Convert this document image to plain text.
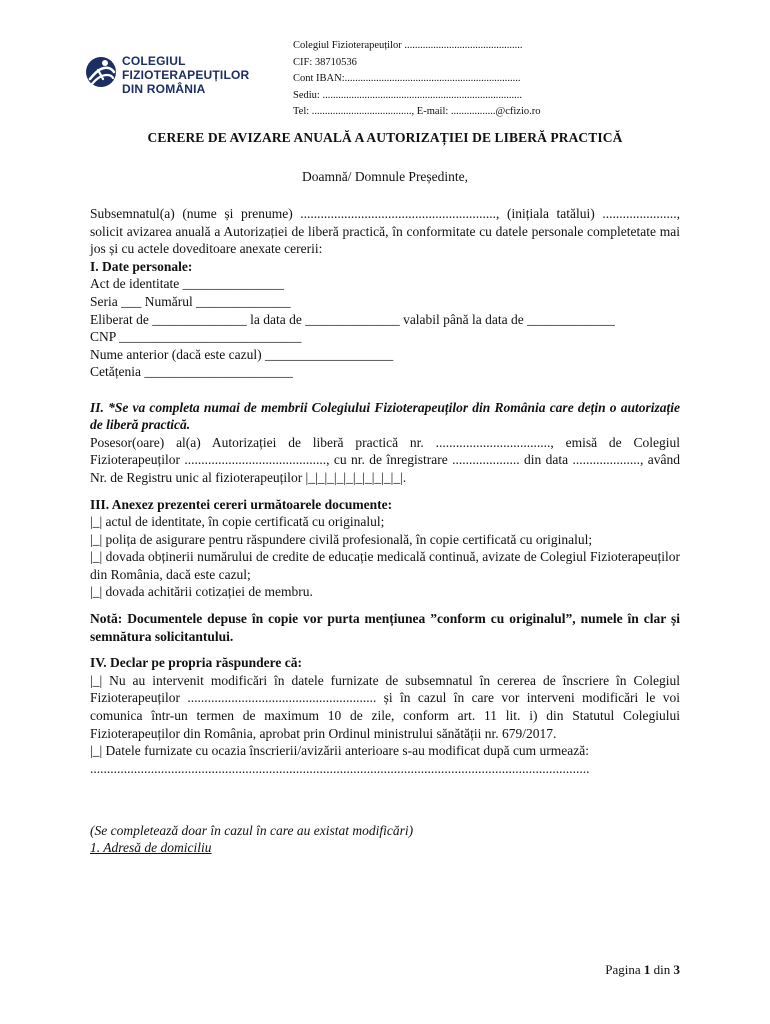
COLEGIUL
FIZIOTERAPEUȚILOR
DIN ROMÂNIA
Colegiul Fizioterapeuților .............................................
CIF: 38710536
Cont IBAN:...................................................................
Sediu: ............................................................................
Tel: ......................................, E-mail: .................@cfizio.ro
CERERE DE AVIZARE ANUALĂ A AUTORIZAȚIEI DE LIBERĂ PRACTICĂ
Doamnă/ Domnule Președinte,

Subsemnatul(a) (nume și prenume) .........................................................., (inițiala tatălui) ......................, solicit avizarea anuală a Autorizației de liberă practică, în conformitate cu datele personale completetate mai jos și cu actele doveditoare anexate cererii:

I. Date personale:

Act de identitate _______________

Seria ___ Numărul ______________

Eliberat de ______________ la data de ______________ valabil până la data de _____________

CNP ___________________________

Nume anterior (dacă este cazul) ___________________

Cetățenia ______________________

II. *Se va completa numai de membrii Colegiului Fizioterapeuților din România care dețin o autorizație de liberă practică.

Posesor(oare) al(a) Autorizației de liberă practică nr. .................................., emisă de Colegiul Fizioterapeuților .........................................., cu nr. de înregistrare .................... din data ...................., având Nr. de Registru unic al fizioterapeuților |_|_|_|_|_|_|_|_|_|_|.

III. Anexez prezentei cereri următoarele documente:

|_| actul de identitate, în copie certificată cu originalul;

|_| polița de asigurare pentru răspundere civilă profesională, în copie certificată cu originalul;

|_| dovada obținerii numărului de credite de educație medicală continuă, avizate de Colegiul Fizioterapeuților din România, dacă este cazul;

|_| dovada achitării cotizației de membru.

Notă: Documentele depuse în copie vor purta mențiunea ”conform cu originalul”, numele în clar și semnătura solicitantului.

IV. Declar pe propria răspundere că:

|_| Nu au intervenit modificări în datele furnizate de subsemnatul în cererea de înscriere în Colegiul Fizioterapeuților ........................................................ și în cazul în care vor interveni modificări le voi comunica într-un termen de maximum 10 de zile, conform art. 11 lit. i) din Statutul Colegiului Fizioterapeuților din România, aprobat prin Ordinul ministrului sănătății nr. 679/2017.

|_| Datele furnizate cu ocazia înscrierii/avizării anterioare s-au modificat după cum urmează:

....................................................................................................................................................

(Se completează doar în cazul în care au existat modificări)

1. Adresă de domiciliu

Pagina 1 din 3
